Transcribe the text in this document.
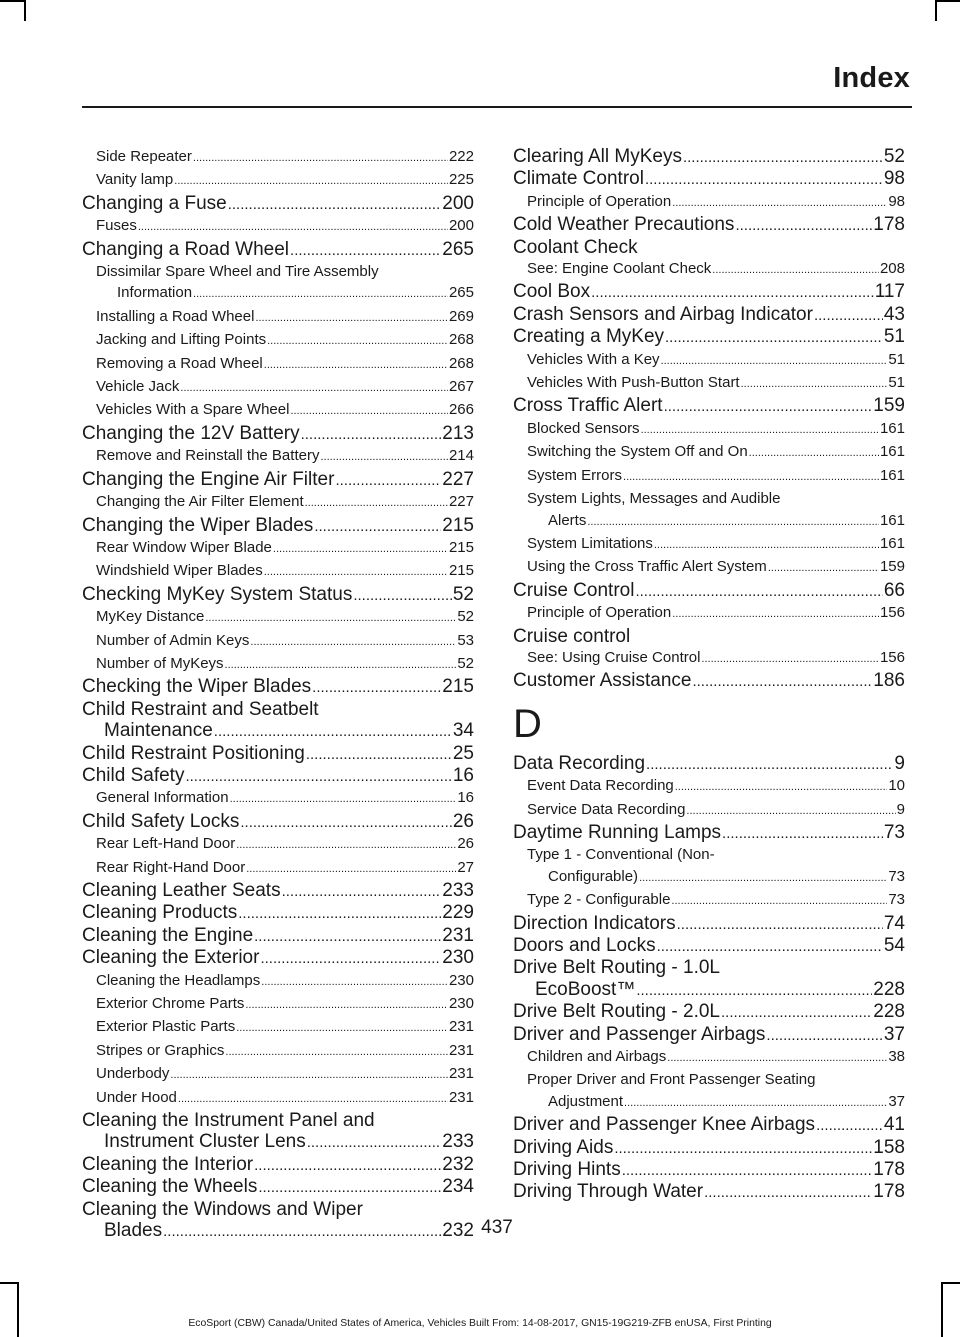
Index
Side Repeater .....	222
Vanity lamp .....	225
Changing a Fuse .....	200
Fuses .....	200
Changing a Road Wheel .....	265
Dissimilar Spare Wheel and Tire Assembly
Information .....	265
Installing a Road Wheel .....	269
Jacking and Lifting Points .....	268
Removing a Road Wheel .....	268
Vehicle Jack .....	267
Vehicles With a Spare Wheel .....	266
Changing the 12V Battery .....	213
Remove and Reinstall the Battery .....	214
Changing the Engine Air Filter .....	227
Changing the Air Filter Element .....	227
Changing the Wiper Blades .....	215
Rear Window Wiper Blade .....	215
Windshield Wiper Blades .....	215
Checking MyKey System Status .....	52
MyKey Distance .....	52
Number of Admin Keys .....	53
Number of MyKeys .....	52
Checking the Wiper Blades .....	215
Child Restraint and Seatbelt
Maintenance .....	34
Child Restraint Positioning .....	25
Child Safety .....	16
General Information .....	16
Child Safety Locks .....	26
Rear Left-Hand Door .....	26
Rear Right-Hand Door .....	27
Cleaning Leather Seats .....	233
Cleaning Products .....	229
Cleaning the Engine .....	231
Cleaning the Exterior .....	230
Cleaning the Headlamps .....	230
Exterior Chrome Parts .....	230
Exterior Plastic Parts .....	231
Stripes or Graphics .....	231
Underbody .....	231
Under Hood .....	231
Cleaning the Instrument Panel and
Instrument Cluster Lens .....	233
Cleaning the Interior .....	232
Cleaning the Wheels .....	234
Cleaning the Windows and Wiper
Blades .....	232
Clearing All MyKeys .....	52
Climate Control .....	98
Principle of Operation .....	98
Cold Weather Precautions .....	178
Coolant Check
See: Engine Coolant Check .....	208
Cool Box .....	117
Crash Sensors and Airbag Indicator .....	43
Creating a MyKey .....	51
Vehicles With a Key .....	51
Vehicles With Push-Button Start .....	51
Cross Traffic Alert .....	159
Blocked Sensors .....	161
Switching the System Off and On .....	161
System Errors .....	161
System Lights, Messages and Audible
Alerts .....	161
System Limitations .....	161
Using the Cross Traffic Alert System .....	159
Cruise Control .....	66
Principle of Operation .....	156
Cruise control
See: Using Cruise Control .....	156
Customer Assistance .....	186
D
Data Recording .....	9
Event Data Recording .....	10
Service Data Recording .....	9
Daytime Running Lamps .....	73
Type 1 - Conventional (Non-
Configurable) .....	73
Type 2 - Configurable .....	73
Direction Indicators .....	74
Doors and Locks .....	54
Drive Belt Routing - 1.0L
EcoBoost™ .....	228
Drive Belt Routing - 2.0L .....	228
Driver and Passenger Airbags .....	37
Children and Airbags .....	38
Proper Driver and Front Passenger Seating
Adjustment .....	37
Driver and Passenger Knee Airbags .....	41
Driving Aids .....	158
Driving Hints .....	178
Driving Through Water .....	178
437
EcoSport (CBW) Canada/United States of America, Vehicles Built From: 14-08-2017, GN15-19G219-ZFB enUSA, First Printing
